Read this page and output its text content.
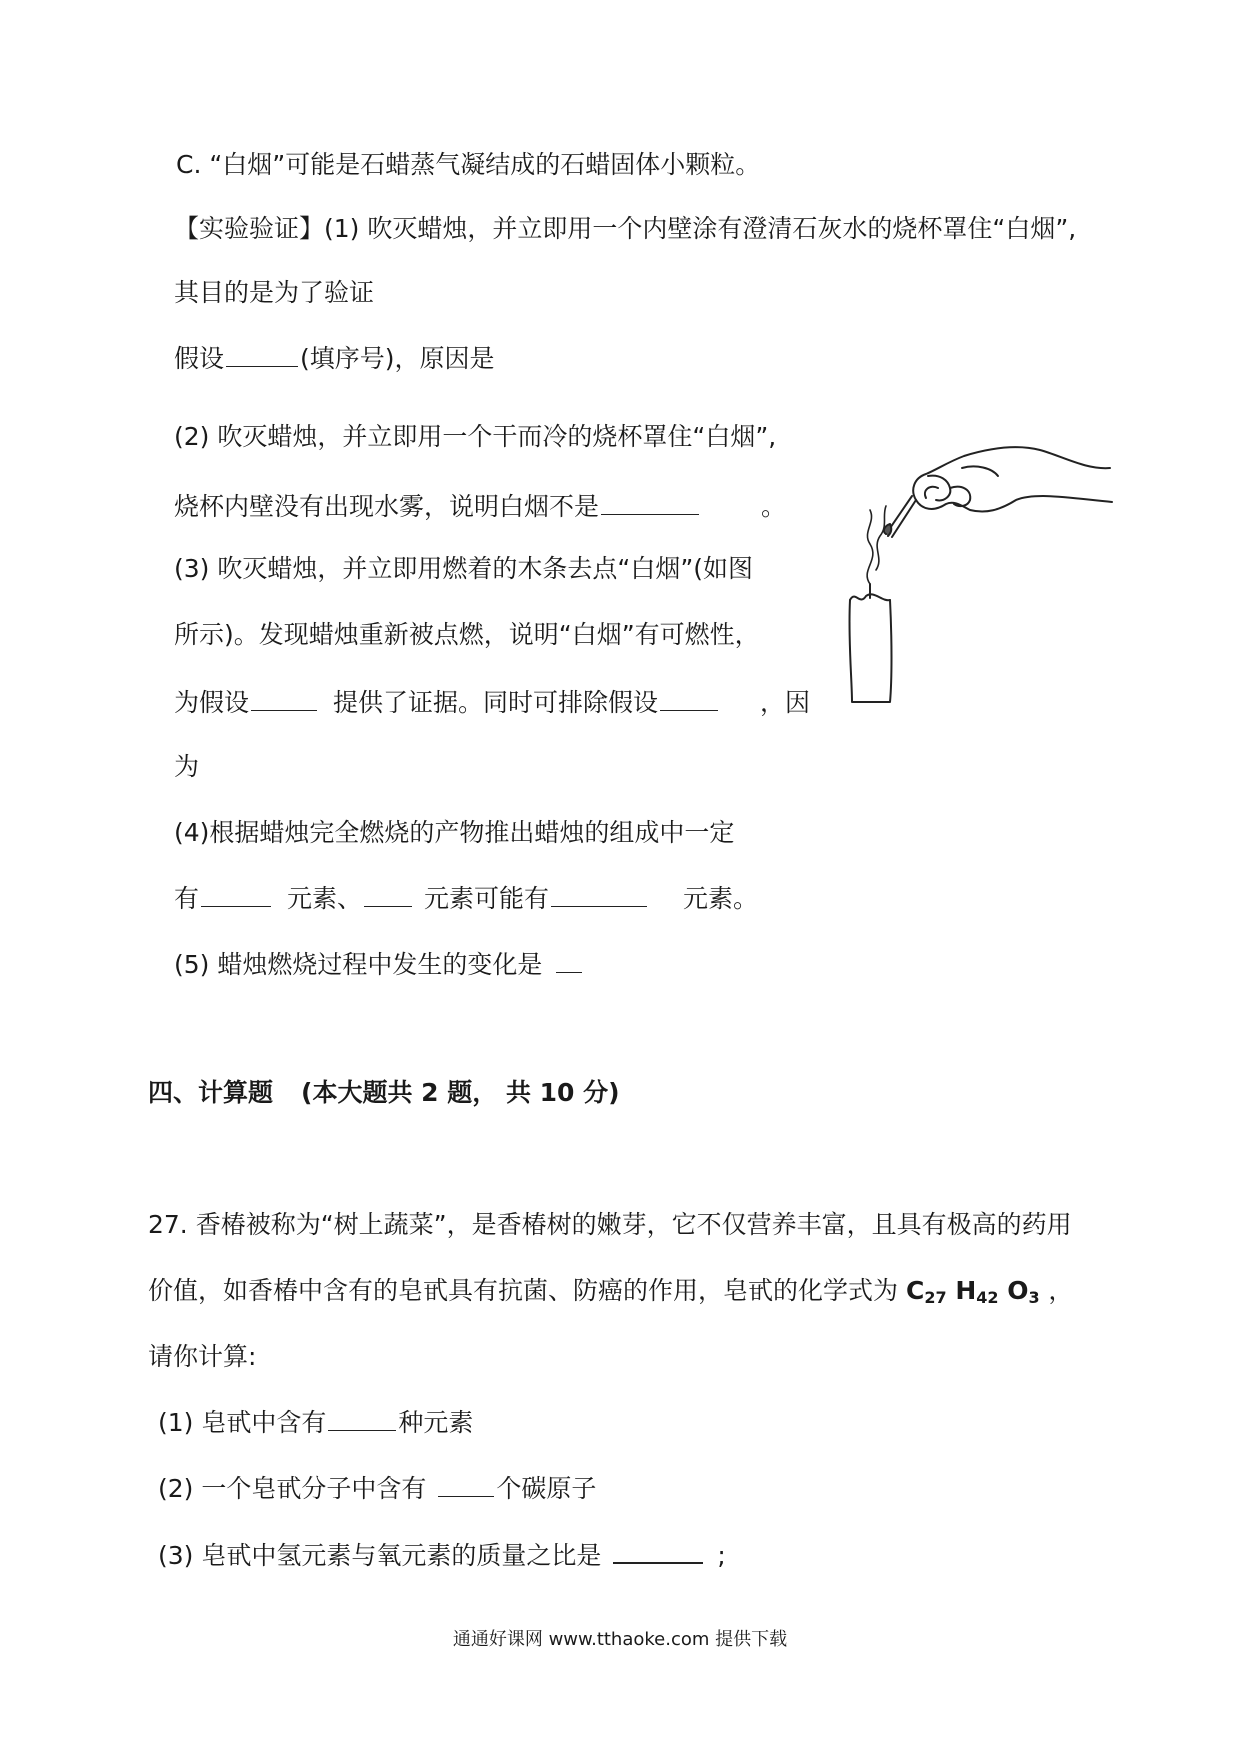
C. “白烟”可能是石蜡蒸气凝结成的石蜡固体小颗粒。
【实验验证】(1) 吹灭蜡烛，并立即用一个内壁涂有澄清石灰水的烧杯罩住“白烟”,
其目的是为了验证
假设	(填序号)，原因是
(2) 吹灭蜡烛，并立即用一个干而冷的烧杯罩住“白烟”,
烧杯内壁没有出现水雾，说明白烟不是	。
(3) 吹灭蜡烛，并立即用燃着的木条去点“白烟”(如图
所示)。发现蜡烛重新被点燃，说明“白烟”有可燃性，
为假设	提供了证据。同时可排除假设	，因
为
(4)根据蜡烛完全燃烧的产物推出蜡烛的组成中一定
有	元素、 元素可能有	元素。
(5) 蜡烛燃烧过程中发生的变化是
四、计算题 (本大题共 2 题， 共 10 分)
27. 香椿被称为“树上蔬菜”，是香椿树的嫩芽，它不仅营养丰富，且具有极高的药用
价值，如香椿中含有的皂甙具有抗菌、防癌的作用，皂甙的化学式为 $C_{27}$ $H_{42}$ $O_3$ ，
请你计算:
(1) 皂甙中含有	种元素
(2) 一个皂甙分子中含有	个碳原子
(3) 皂甙中氢元素与氧元素的质量之比是	;
通通好课网 www.tthaoke.com 提供下载
